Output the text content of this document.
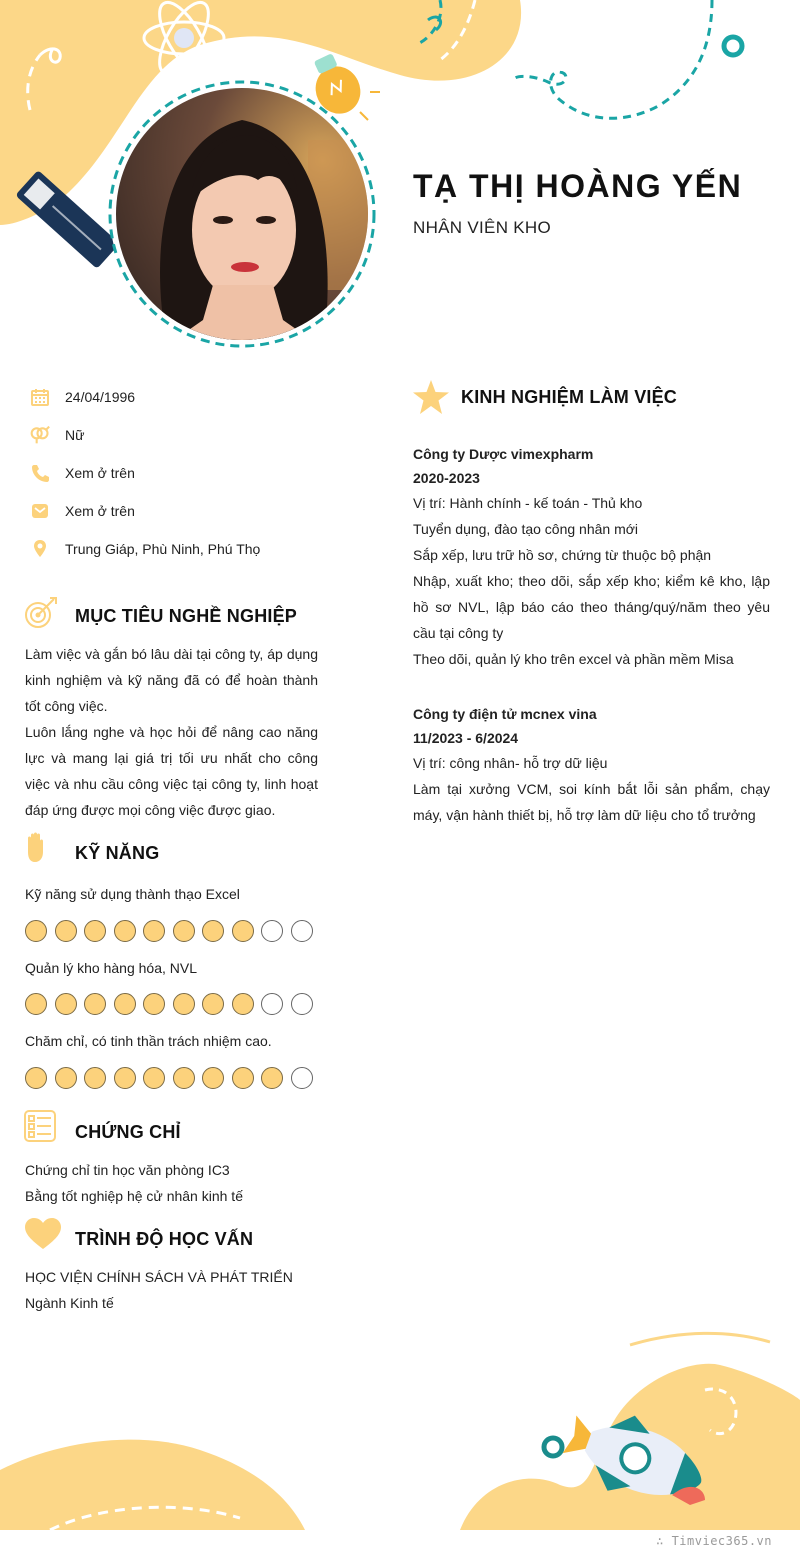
TẠ THỊ HOÀNG YẾN
NHÂN VIÊN KHO
24/04/1996
Nữ
Xem ở trên
Xem ở trên
Trung Giáp, Phù Ninh, Phú Thọ
MỤC TIÊU NGHỀ NGHIỆP

Làm việc và gắn bó lâu dài tại công ty, áp dụng kinh nghiệm và kỹ năng đã có để hoàn thành tốt công việc.

Luôn lắng nghe và học hỏi để nâng cao năng lực và mang lại giá trị tối ưu nhất cho công việc và nhu cầu công việc tại công ty, linh hoạt đáp ứng được mọi công việc được giao.

KỸ NĂNG
Kỹ năng sử dụng thành thạo Excel
Quản lý kho hàng hóa, NVL
Chăm chỉ, có tinh thần trách nhiệm cao.
CHỨNG CHỈ
Chứng chỉ tin học văn phòng IC3
Bằng tốt nghiệp hệ cử nhân kinh tế
TRÌNH ĐỘ HỌC VẤN
HỌC VIỆN CHÍNH SÁCH VÀ PHÁT TRIỂN
Ngành Kinh tế
KINH NGHIỆM LÀM VIỆC
Công ty Dược vimexpharm
2020-2023
Vị trí: Hành chính - kế toán - Thủ kho
Tuyển dụng, đào tạo công nhân mới
Sắp xếp, lưu trữ hồ sơ, chứng từ thuộc bộ phận
Nhập, xuất kho; theo dõi, sắp xếp kho; kiểm kê kho, lập hồ sơ NVL, lập báo cáo theo tháng/quý/năm theo yêu cầu tại công ty
Theo dõi, quản lý kho trên excel và phần mềm Misa
Công ty điện tử mcnex vina
11/2023 - 6/2024
Vị trí: công nhân- hỗ trợ dữ liệu
Làm tại xưởng VCM, soi kính bắt lỗi sản phẩm, chạy máy, vận hành thiết bị, hỗ trợ làm dữ liệu cho tổ trưởng
∴ Timviec365.vn
